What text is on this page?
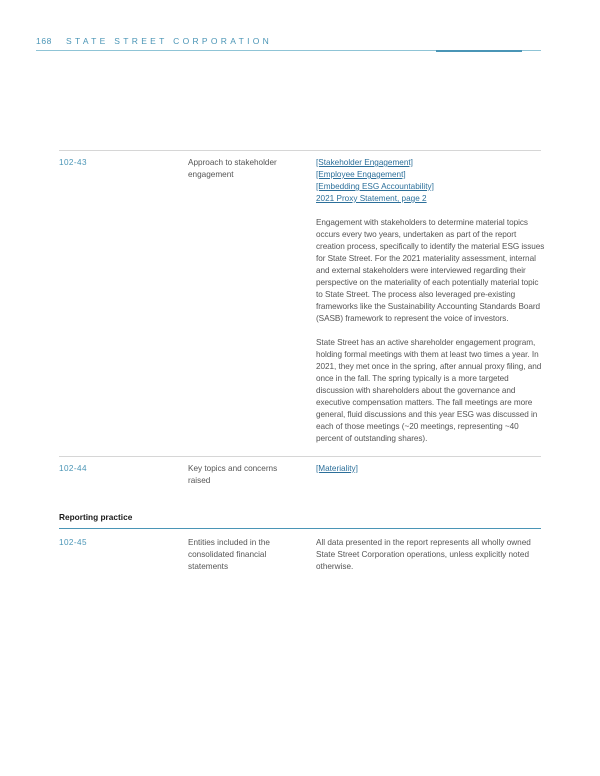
168 STATE STREET CORPORATION
102-43	Approach to stakeholder engagement
[Stakeholder Engagement]
[Employee Engagement]
[Embedding ESG Accountability]
2021 Proxy Statement, page 2

Engagement with stakeholders to determine material topics occurs every two years, undertaken as part of the report creation process, specifically to identify the material ESG issues for State Street. For the 2021 materiality assessment, internal and external stakeholders were interviewed regarding their perspective on the materiality of each potentially material topic to State Street. The process also leveraged pre-existing frameworks like the Sustainability Accounting Standards Board (SASB) framework to represent the voice of investors.

State Street has an active shareholder engagement program, holding formal meetings with them at least two times a year. In 2021, they met once in the spring, after annual proxy filing, and once in the fall. The spring typically is a more targeted discussion with shareholders about the governance and executive compensation matters. The fall meetings are more general, fluid discussions and this year ESG was discussed in each of those meetings (~20 meetings, representing ~40 percent of outstanding shares).

102-44	Key topics and concerns raised
[Materiality]
Reporting practice
102-45	Entities included in the consolidated financial statements
All data presented in the report represents all wholly owned State Street Corporation operations, unless explicitly noted otherwise.
